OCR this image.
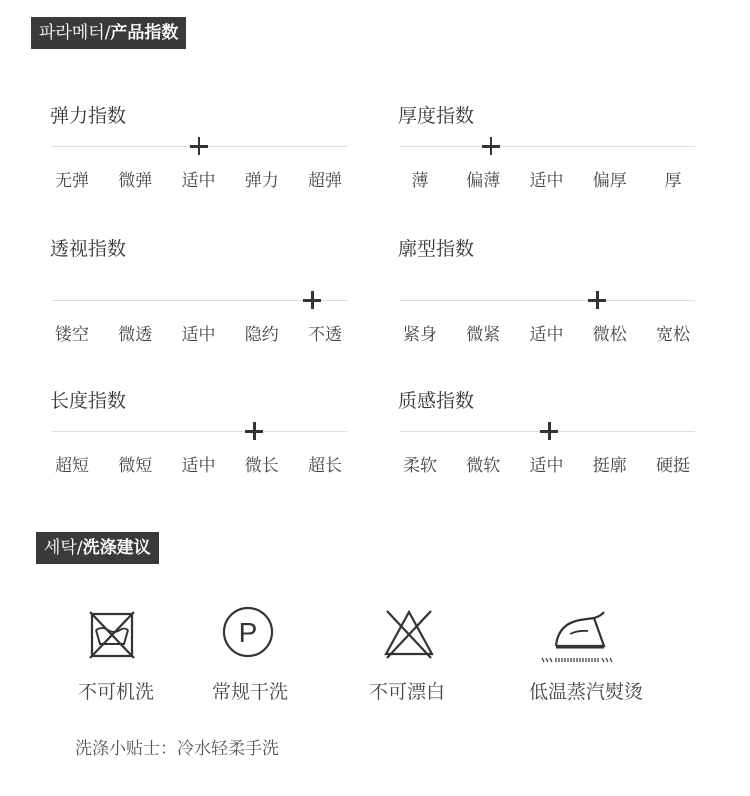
파라메터/产品指数
弹力指数
无弹 微弹 适中 弹力 超弹
厚度指数
薄 偏薄 适中 偏厚 厚
透视指数
镂空 微透 适中 隐约 不透
廓型指数
紧身 微紧 适中 微松 宽松
长度指数
超短 微短 适中 微长 超长
质感指数
柔软 微软 适中 挺廓 硬挺
세탁/洗涤建议
P
不可机洗	常规干洗	不可漂白	低温蒸汽熨烫
洗涤小贴士：冷水轻柔手洗
